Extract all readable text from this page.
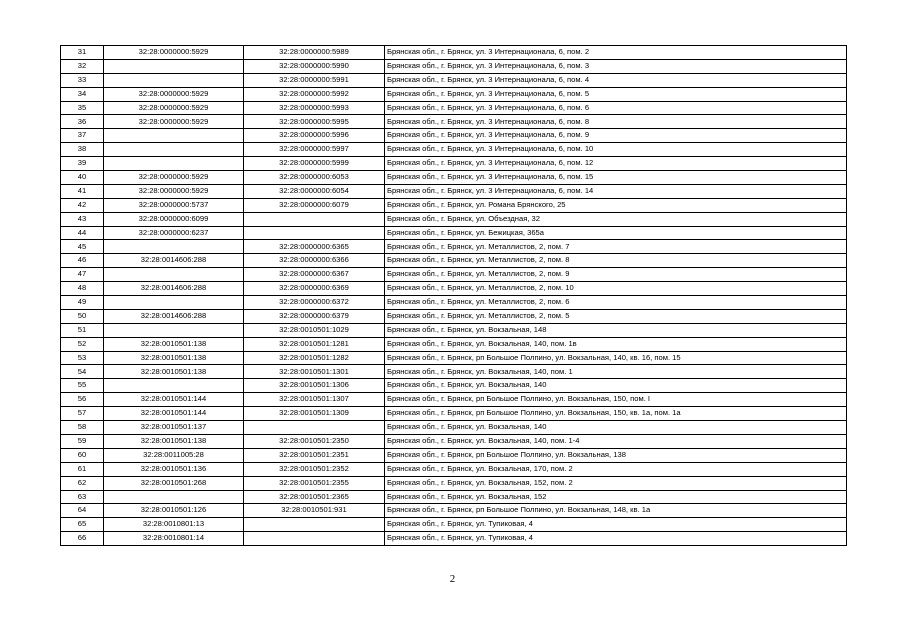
31	32:28:0000000:5929	32:28:0000000:5989	Брянская обл., г. Брянск, ул. 3 Интернационала, 6, пом. 2
32		32:28:0000000:5990	Брянская обл., г. Брянск, ул. 3 Интернационала, 6, пом. 3
33		32:28:0000000:5991	Брянская обл., г. Брянск, ул. 3 Интернационала, 6, пом. 4
34	32:28:0000000:5929	32:28:0000000:5992	Брянская обл., г. Брянск, ул. 3 Интернационала, 6, пом. 5
35	32:28:0000000:5929	32:28:0000000:5993	Брянская обл., г. Брянск, ул. 3 Интернационала, 6, пом. 6
36	32:28:0000000:5929	32:28:0000000:5995	Брянская обл., г. Брянск, ул. 3 Интернационала, 6, пом. 8
37		32:28:0000000:5996	Брянская обл., г. Брянск, ул. 3 Интернационала, 6, пом. 9
38		32:28:0000000:5997	Брянская обл., г. Брянск, ул. 3 Интернационала, 6, пом. 10
39		32:28:0000000:5999	Брянская обл., г. Брянск, ул. 3 Интернационала, 6, пом. 12
40	32:28:0000000:5929	32:28:0000000:6053	Брянская обл., г. Брянск, ул. 3 Интернационала, 6, пом. 15
41	32:28:0000000:5929	32:28:0000000:6054	Брянская обл., г. Брянск, ул. 3 Интернационала, 6, пом. 14
42	32:28:0000000:5737	32:28:0000000:6079	Брянская обл., г. Брянск, ул. Романа Брянского, 25
43	32:28:0000000:6099		Брянская обл., г. Брянск, ул. Объездная, 32
44	32:28:0000000:6237		Брянская обл., г. Брянск, ул. Бежицкая, 365а
45		32:28:0000000:6365	Брянская обл., г. Брянск, ул. Металлистов, 2, пом. 7
46	32:28:0014606:288	32:28:0000000:6366	Брянская обл., г. Брянск, ул. Металлистов, 2, пом. 8
47		32:28:0000000:6367	Брянская обл., г. Брянск, ул. Металлистов, 2, пом. 9
48	32:28:0014606:288	32:28:0000000:6369	Брянская обл., г. Брянск, ул. Металлистов, 2, пом. 10
49		32:28:0000000:6372	Брянская обл., г. Брянск, ул. Металлистов, 2, пом. 6
50	32:28:0014606:288	32:28:0000000:6379	Брянская обл., г. Брянск, ул. Металлистов, 2, пом. 5
51		32:28:0010501:1029	Брянская обл., г. Брянск, ул. Вокзальная, 148
52	32:28:0010501:138	32:28:0010501:1281	Брянская обл., г. Брянск, ул. Вокзальная, 140, пом. 1в
53	32:28:0010501:138	32:28:0010501:1282	Брянская обл., г. Брянск, рп Большое Полпино, ул. Вокзальная, 140, кв. 16, пом. 15
54	32:28:0010501:138	32:28:0010501:1301	Брянская обл., г. Брянск, ул. Вокзальная, 140, пом. 1
55		32:28:0010501:1306	Брянская обл., г. Брянск, ул. Вокзальная, 140
56	32:28:0010501:144	32:28:0010501:1307	Брянская обл., г. Брянск, рп Большое Полпино, ул. Вокзальная, 150, пом. I
57	32:28:0010501:144	32:28:0010501:1309	Брянская обл., г. Брянск, рп Большое Полпино, ул. Вокзальная, 150, кв. 1а, пом. 1а
58	32:28:0010501:137		Брянская обл., г. Брянск, ул. Вокзальная, 140
59	32:28:0010501:138	32:28:0010501:2350	Брянская обл., г. Брянск, ул. Вокзальная, 140, пом. 1-4
60	32:28:0011005:28	32:28:0010501:2351	Брянская обл., г. Брянск, рп Большое Полпино, ул. Вокзальная, 138
61	32:28:0010501:136	32:28:0010501:2352	Брянская обл., г. Брянск, ул. Вокзальная, 170, пом. 2
62	32:28:0010501:268	32:28:0010501:2355	Брянская обл., г. Брянск, ул. Вокзальная, 152, пом. 2
63		32:28:0010501:2365	Брянская обл., г. Брянск, ул. Вокзальная, 152
64	32:28:0010501:126	32:28:0010501:931	Брянская обл., г. Брянск, рп Большое Полпино, ул. Вокзальная, 148, кв. 1а
65	32:28:0010801:13		Брянская обл., г. Брянск, ул. Тупиковая, 4
66	32:28:0010801:14		Брянская обл., г. Брянск, ул. Тупиковая, 4
2
